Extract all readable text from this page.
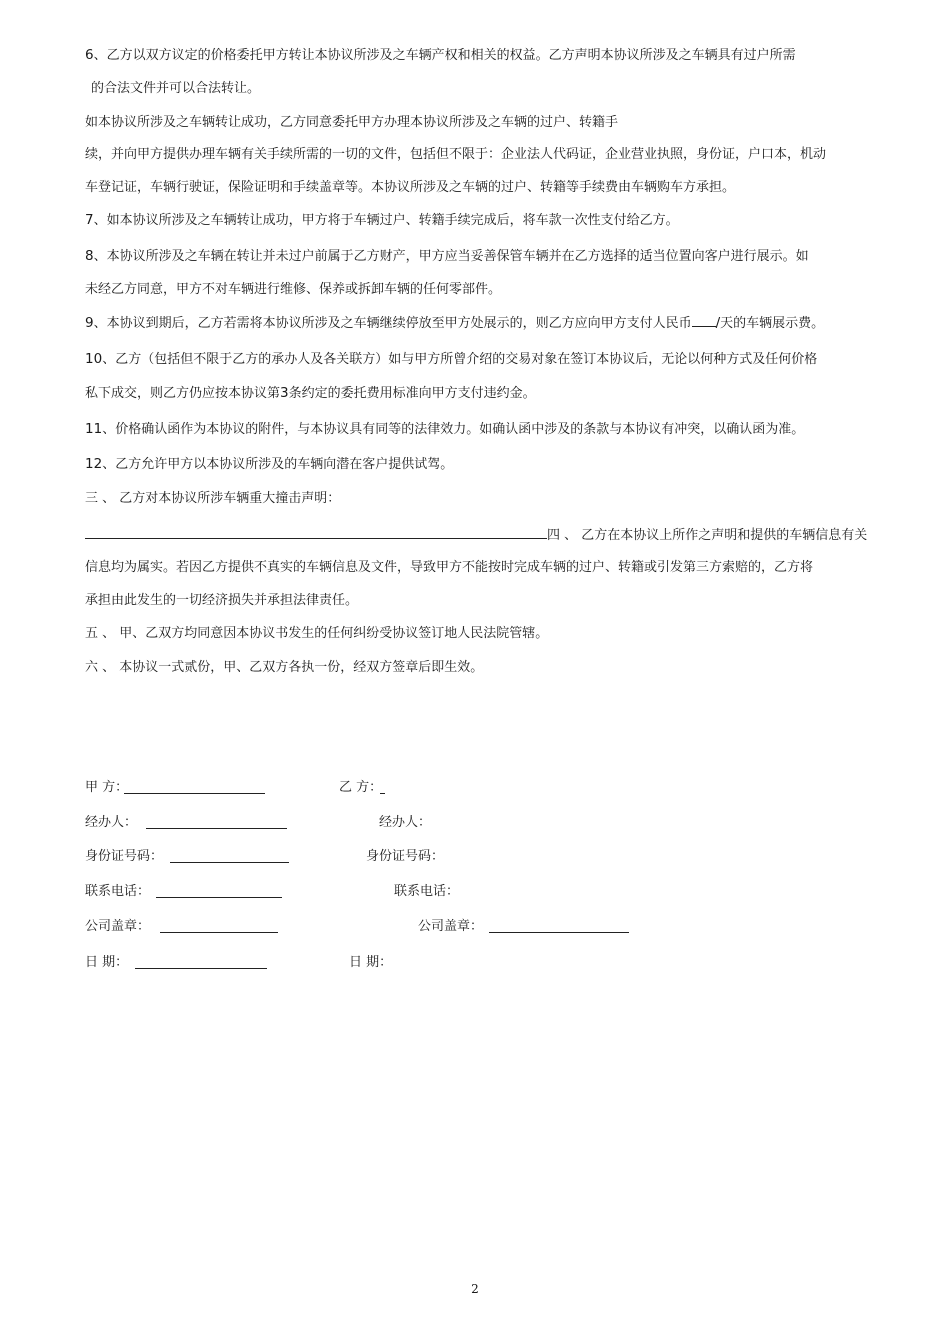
6、乙方以双方议定的价格委托甲方转让本协议所涉及之车辆产权和相关的权益。乙方声明本协议所涉及之车辆具有过户所需
的合法文件并可以合法转让。
如本协议所涉及之车辆转让成功，乙方同意委托甲方办理本协议所涉及之车辆的过户、转籍手
续，并向甲方提供办理车辆有关手续所需的一切的文件，包括但不限于：企业法人代码证，企业营业执照，身份证，户口本，机动
车登记证，车辆行驶证，保险证明和手续盖章等。本协议所涉及之车辆的过户、转籍等手续费由车辆购车方承担。
7、如本协议所涉及之车辆转让成功，甲方将于车辆过户、转籍手续完成后，将车款一次性支付给乙方。
8、本协议所涉及之车辆在转让并未过户前属于乙方财产，甲方应当妥善保管车辆并在乙方选择的适当位置向客户进行展示。如
未经乙方同意，甲方不对车辆进行维修、保养或拆卸车辆的任何零部件。
9、本协议到期后，乙方若需将本协议所涉及之车辆继续停放至甲方处展示的，则乙方应向甲方支付人民币 /天的车辆展示费。
10、乙方（包括但不限于乙方的承办人及各关联方）如与甲方所曾介绍的交易对象在签订本协议后，无论以何种方式及任何价格
私下成交，则乙方仍应按本协议第3条约定的委托费用标准向甲方支付违约金。
11、价格确认函作为本协议的附件，与本协议具有同等的法律效力。如确认函中涉及的条款与本协议有冲突，以确认函为准。
12、乙方允许甲方以本协议所涉及的车辆向潜在客户提供试驾。
三 、 乙方对本协议所涉车辆重大撞击声明：
四 、 乙方在本协议上所作之声明和提供的车辆信息有关
信息均为属实。若因乙方提供不真实的车辆信息及文件，导致甲方不能按时完成车辆的过户、转籍或引发第三方索赔的，乙方将
承担由此发生的一切经济损失并承担法律责任。
五 、 甲、乙双方均同意因本协议书发生的任何纠纷受协议签订地人民法院管辖。
六 、 本协议一式贰份，甲、乙双方各执一份，经双方签章后即生效。
甲 方：	乙 方：
经办人：	经办人：
身份证号码：	身份证号码：
联系电话：	联系电话：
公司盖章：	公司盖章：
日 期：	日 期：
2
